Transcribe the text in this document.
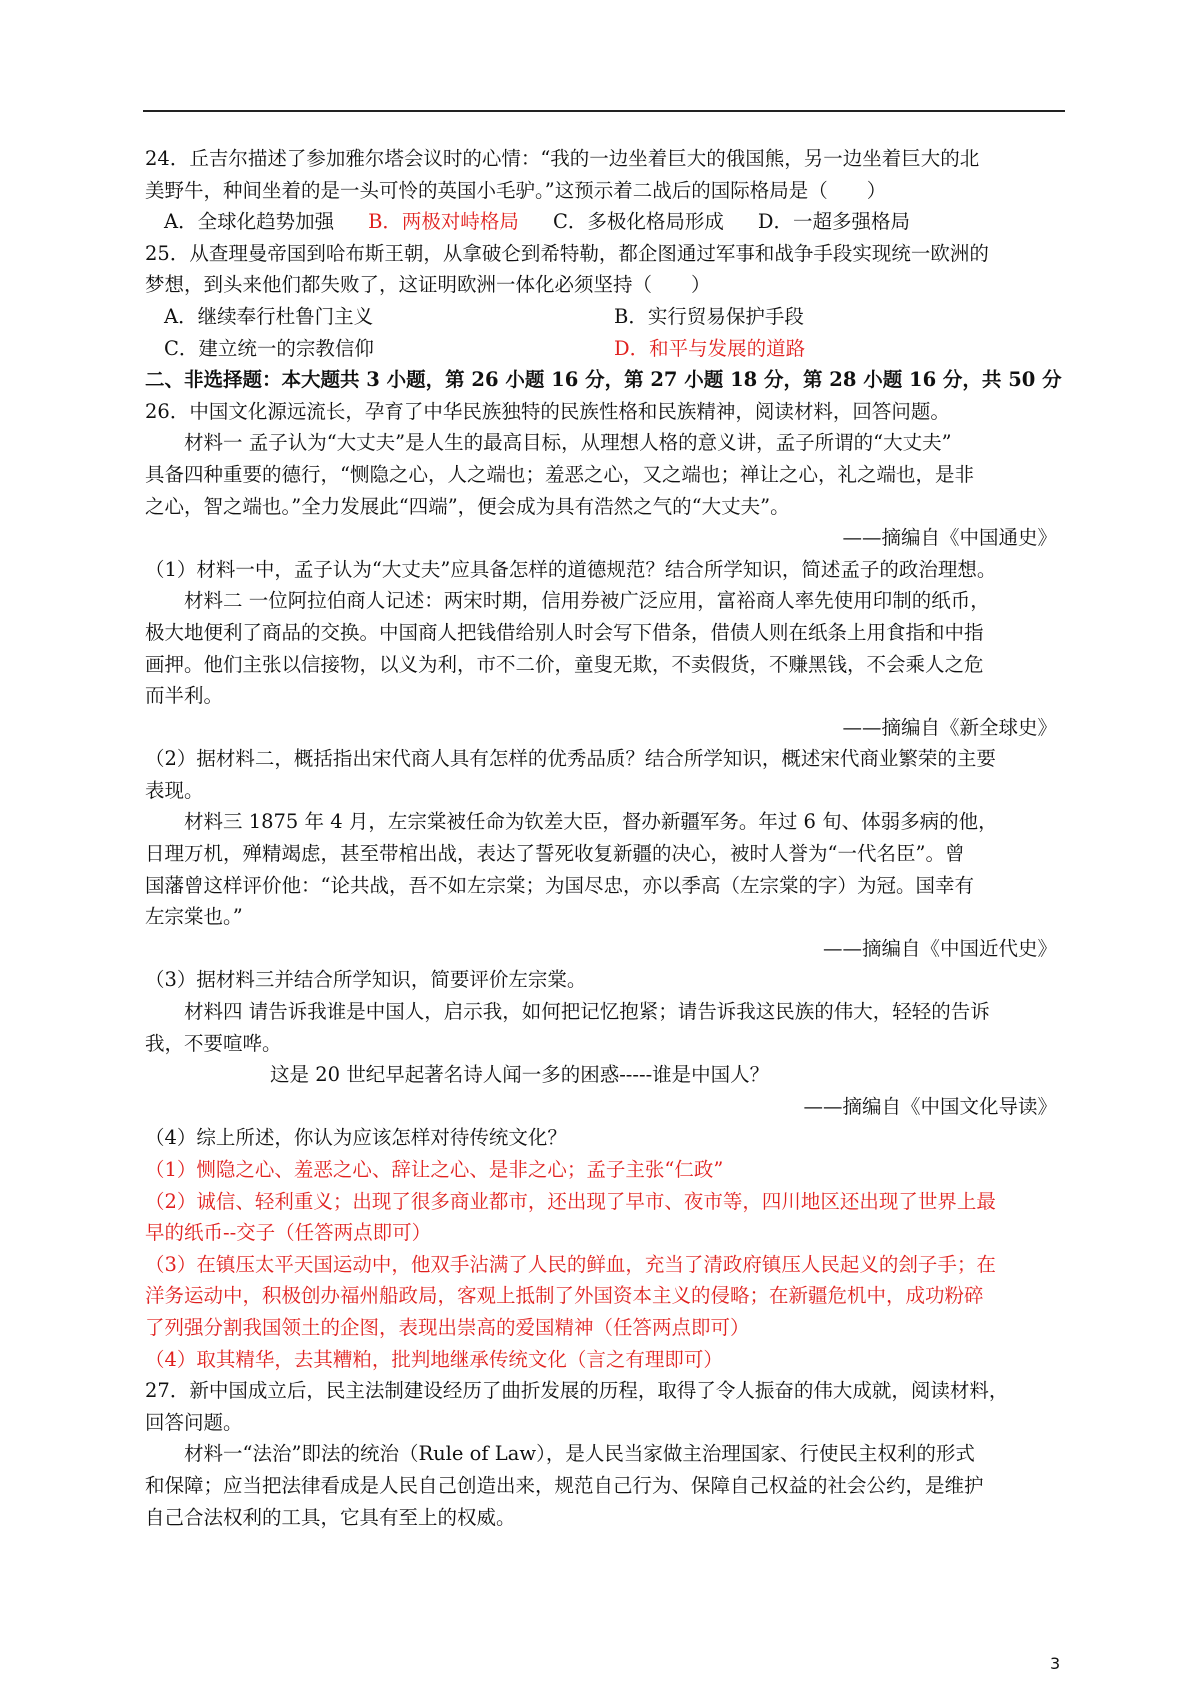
24．丘吉尔描述了参加雅尔塔会议时的心情：“我的一边坐着巨大的俄国熊，另一边坐着巨大的北
美野牛，种间坐着的是一头可怜的英国小毛驴。”这预示着二战后的国际格局是（　　）
A．全球化趋势加强 B．两极对峙格局 C．多极化格局形成 D．一超多强格局
25．从查理曼帝国到哈布斯王朝，从拿破仑到希特勒，都企图通过军事和战争手段实现统一欧洲的
梦想，到头来他们都失败了，这证明欧洲一体化必须坚持（　　）
A．继续奉行杜鲁门主义	B．实行贸易保护手段
C．建立统一的宗教信仰	D．和平与发展的道路
二、非选择题：本大题共 3 小题，第 26 小题 16 分，第 27 小题 18 分，第 28 小题 16 分，共 50 分
26．中国文化源远流长，孕育了中华民族独特的民族性格和民族精神，阅读材料，回答问题。
材料一 孟子认为“大丈夫”是人生的最高目标，从理想人格的意义讲，孟子所谓的“大丈夫”
具备四种重要的德行，“恻隐之心，人之端也；羞恶之心，又之端也；禅让之心，礼之端也，是非
之心，智之端也。”全力发展此“四端”，便会成为具有浩然之气的“大丈夫”。
——摘编自《中国通史》
（1）材料一中，孟子认为“大丈夫”应具备怎样的道德规范？结合所学知识，简述孟子的政治理想。
材料二 一位阿拉伯商人记述：两宋时期，信用券被广泛应用，富裕商人率先使用印制的纸币，
极大地便利了商品的交换。中国商人把钱借给别人时会写下借条，借债人则在纸条上用食指和中指
画押。他们主张以信接物，以义为利，市不二价，童叟无欺，不卖假货，不赚黑钱，不会乘人之危
而半利。
——摘编自《新全球史》
（2）据材料二，概括指出宋代商人具有怎样的优秀品质？结合所学知识，概述宋代商业繁荣的主要
表现。
材料三 1875 年 4 月，左宗棠被任命为钦差大臣，督办新疆军务。年过 6 旬、体弱多病的他，
日理万机，殚精竭虑，甚至带棺出战，表达了誓死收复新疆的决心，被时人誉为“一代名臣”。曾
国藩曾这样评价他：“论共战，吾不如左宗棠；为国尽忠，亦以季高（左宗棠的字）为冠。国幸有
左宗棠也。”
——摘编自《中国近代史》
（3）据材料三并结合所学知识，简要评价左宗棠。
材料四 请告诉我谁是中国人，启示我，如何把记忆抱紧；请告诉我这民族的伟大，轻轻的告诉
我，不要喧哗。
这是 20 世纪早起著名诗人闻一多的困惑-----谁是中国人？
——摘编自《中国文化导读》
（4）综上所述，你认为应该怎样对待传统文化？
（1）恻隐之心、羞恶之心、辞让之心、是非之心；孟子主张“仁政”
（2）诚信、轻利重义；出现了很多商业都市，还出现了早市、夜市等，四川地区还出现了世界上最
早的纸币--交子（任答两点即可）
（3）在镇压太平天国运动中，他双手沾满了人民的鲜血，充当了清政府镇压人民起义的刽子手；在
洋务运动中，积极创办福州船政局，客观上抵制了外国资本主义的侵略；在新疆危机中，成功粉碎
了列强分割我国领土的企图，表现出崇高的爱国精神（任答两点即可）
（4）取其精华，去其糟粕，批判地继承传统文化（言之有理即可）
27．新中国成立后，民主法制建设经历了曲折发展的历程，取得了令人振奋的伟大成就，阅读材料，
回答问题。
材料一“法治”即法的统治（Rule of Law），是人民当家做主治理国家、行使民主权利的形式
和保障；应当把法律看成是人民自己创造出来，规范自己行为、保障自己权益的社会公约，是维护
自己合法权利的工具，它具有至上的权威。
3
